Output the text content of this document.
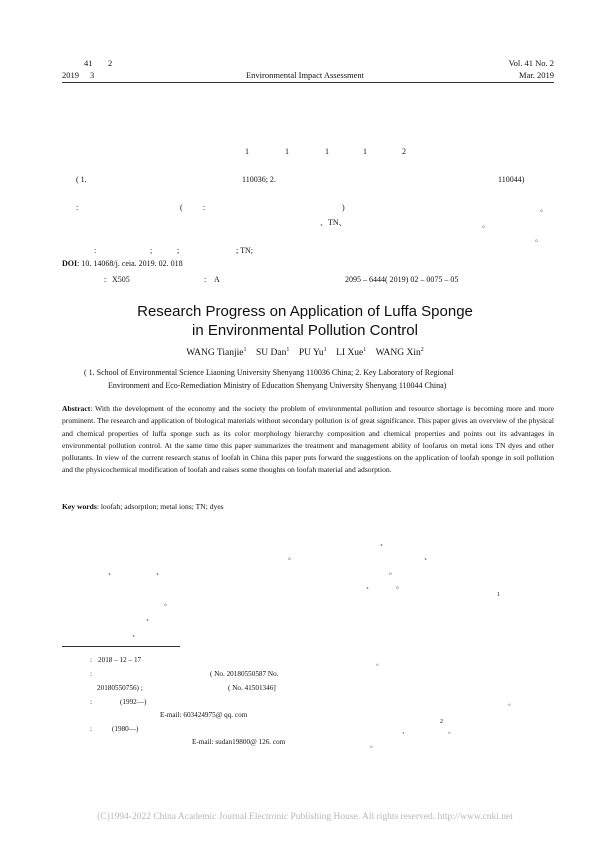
41 2
2019 3	Environmental Impact Assessment
Vol. 41 No. 2
Mar. 2019
1	1	1	1	2
( 1.	110036; 2.	110044)
:	(	:	)	。
、TN、	。
。
:	;	;	; TN;
DOI: 10. 14068/j. ceia. 2019. 02. 018
: X505	: A	2095 – 6444( 2019) 02 – 0075 – 05
Research Progress on Application of Luffa Sponge
in Environmental Pollution Control
WANG Tianjie$^1$ SU Dan$^1$ PU Yu$^1$ LI Xue$^1$ WANG Xin$^2$
( 1. School of Environmental Science Liaoning University Shenyang 110036 China; 2. Key Laboratory of Regional
Environment and Eco-Remediation Ministry of Education Shenyang University Shenyang 110044 China)
Abstract: With the development of the economy and the society the problem of environmental pollution and resource shortage is becoming more and more prominent. The research and application of biological materials without secondary pollution is of great significance. This paper gives an overview of the physical and chemical properties of luffa sponge such as its color morphology hierarchy composition and chemical properties and points out its advantages in environmental pollution control. At the same time this paper summarizes the treatment and management ability of loofarus on metal ions TN dyes and other pollutants. In view of the current research status of loofah in China this paper puts forward the suggestions on the application of loofah sponge in soil pollution and the physicochemical modification of loofah and raises some thoughts on loofah material and adsorption.
Key words: loofah; adsorption; metal ions; TN; dyes
、
。	、
、	、	。
、	。
1
。
、
、
: 2018 – 12 – 17	。
:	( No. 20180550587 No.
20180550756) ;	( No. 41501346]
:	(1992—)	。
E-mail: 603424975@ qq. com
:	(1980—)	、
2
。
E-mail: sudan19800@ 126. com	。
(C)1994-2022 China Academic Journal Electronic Publishing House. All rights reserved. http://www.cnki.net
